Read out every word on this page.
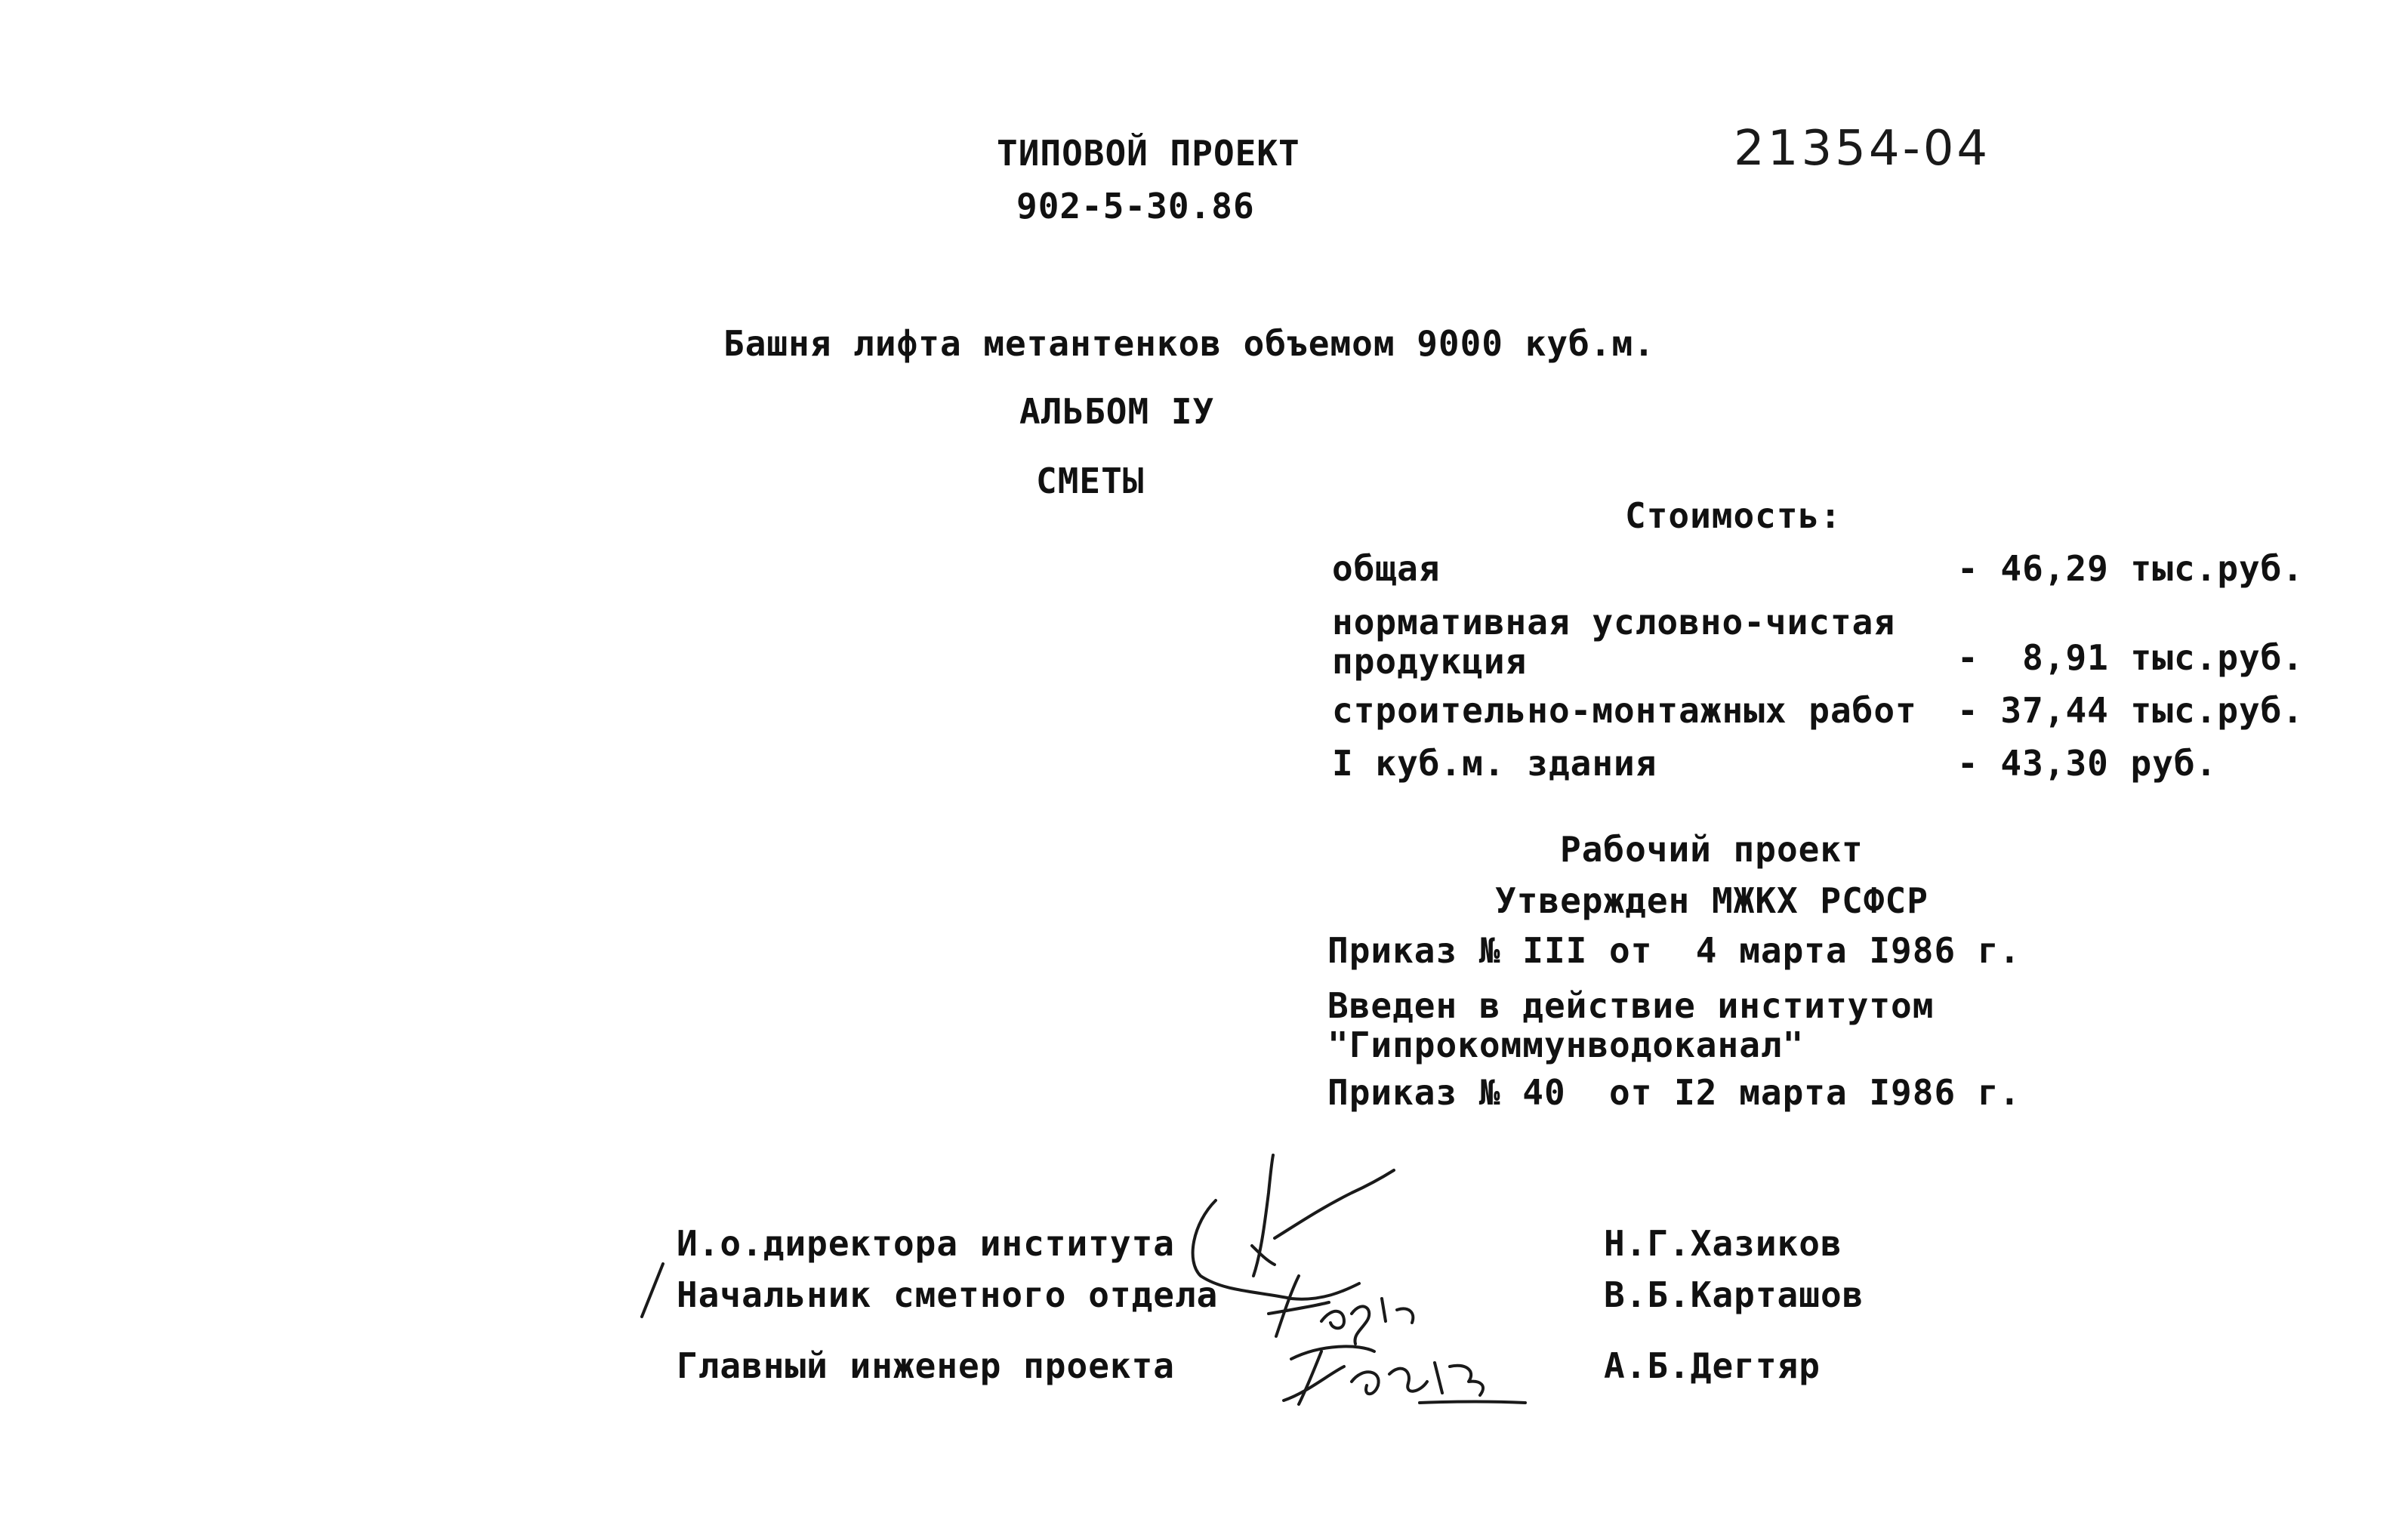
ТИПОВОЙ ПРОЕКТ
902-5-30.86
21354-04
Башня лифта метантенков объемом 9000 куб.м.
АЛЬБОМ IУ
СМЕТЫ
Стоимость:
общая	- 46,29 тыс.руб.
нормативная условно-чистая
продукция	-  8,91 тыс.руб.
строительно-монтажных работ - 37,44 тыс.руб.
I куб.м. здания	- 43,30 руб.
Рабочий проект
Утвержден МЖКХ РСФСР
Приказ № III от  4 марта I986 г.
Введен в действие институтом
"Гипрокоммунводоканал"
Приказ № 40  от I2 марта I986 г.
И.о.директора института	Н.Г.Хазиков
Начальник сметного отдела	В.Б.Карташов
Главный инженер проекта	А.Б.Дегтяр
